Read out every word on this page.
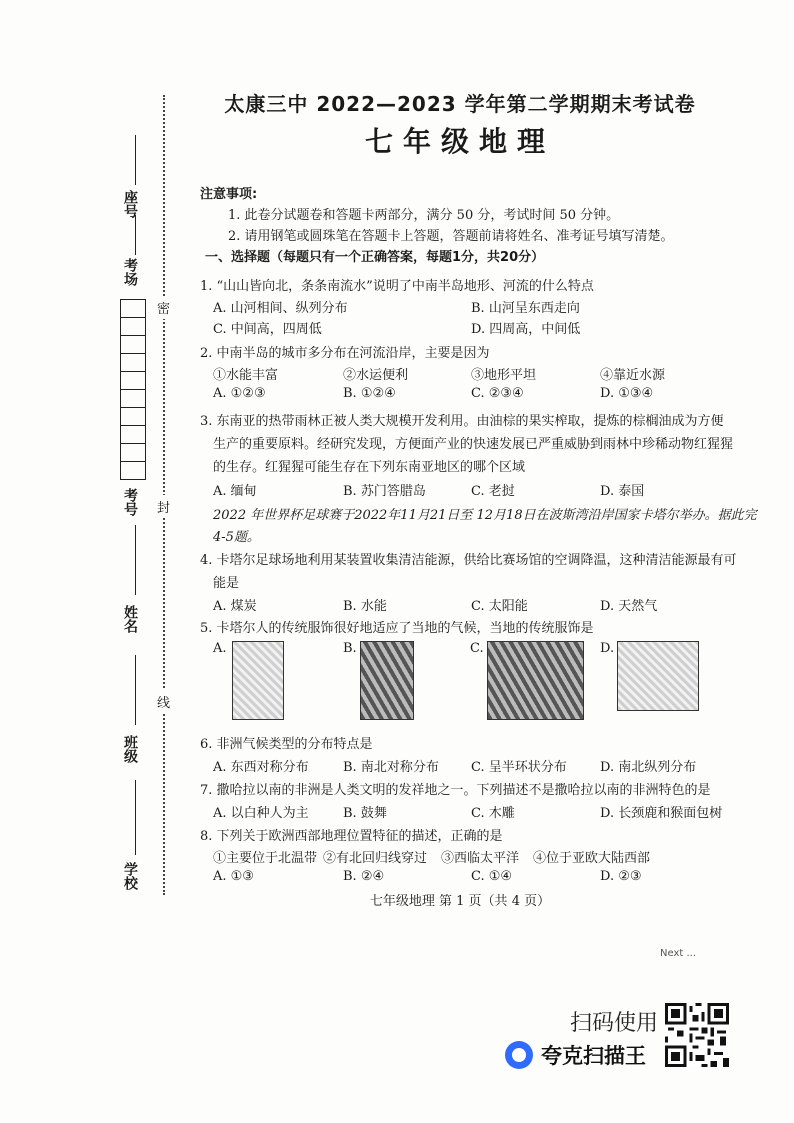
座号
考场
考号
姓名
班级
学校
密
封
线
太康三中 2022—2023 学年第二学期期末考试卷
七年级地理
注意事项:
1. 此卷分试题卷和答题卡两部分，满分 50 分，考试时间 50 分钟。
2. 请用钢笔或圆珠笔在答题卡上答题，答题前请将姓名、准考证号填写清楚。
一、选择题（每题只有一个正确答案，每题1分，共20分）
1. “山山皆向北，条条南流水”说明了中南半岛地形、河流的什么特点
A. 山河相间、纵列分布	B. 山河呈东西走向
C. 中间高，四周低	D. 四周高，中间低
2. 中南半岛的城市多分布在河流沿岸，主要是因为
①水能丰富	②水运便利	③地形平坦	④靠近水源
A. ①②③	B. ①②④	C. ②③④	D. ①③④
3. 东南亚的热带雨林正被人类大规模开发利用。由油棕的果实榨取，提炼的棕榈油成为方便
生产的重要原料。经研究发现，方便面产业的快速发展已严重威胁到雨林中珍稀动物红猩猩
的生存。红猩猩可能生存在下列东南亚地区的哪个区域
A. 缅甸	B. 苏门答腊岛	C. 老挝	D. 泰国
2022 年世界杯足球赛于2022年11月21日至 12月18日在波斯湾沿岸国家卡塔尔举办。据此完
4-5题。
4. 卡塔尔足球场地利用某装置收集清洁能源，供给比赛场馆的空调降温，这种清洁能源最有可
能是
A. 煤炭	B. 水能	C. 太阳能	D. 天然气
5. 卡塔尔人的传统服饰很好地适应了当地的气候，当地的传统服饰是
A.	B.	C.	D.
6. 非洲气候类型的分布特点是
A. 东西对称分布	B. 南北对称分布 C. 呈半环状分布	D. 南北纵列分布
7. 撒哈拉以南的非洲是人类文明的发祥地之一。下列描述不是撒哈拉以南的非洲特色的是
A. 以白种人为主	B. 鼓舞	C. 木雕	D. 长颈鹿和猴面包树
8. 下列关于欧洲西部地理位置特征的描述，正确的是
①主要位于北温带 ②有北回归线穿过 ③西临太平洋 ④位于亚欧大陆西部
A. ①③	B. ②④	C. ①④	D. ②③
七年级地理 第 1 页（共 4 页）
Next ...
扫码使用
夸克扫描王
